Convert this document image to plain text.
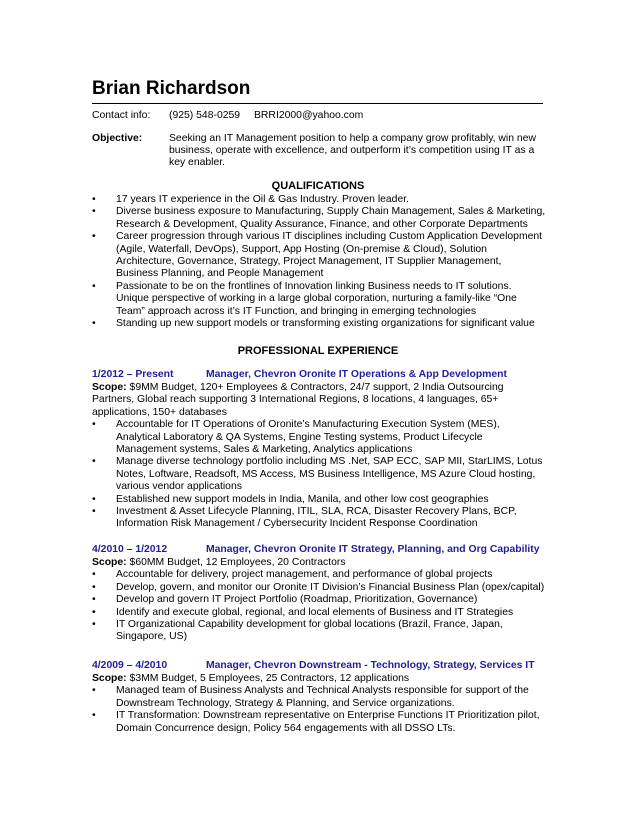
Brian Richardson
Contact info: (925) 548-0259 BRRI2000@yahoo.com
Objective:	Seeking an IT Management position to help a company grow profitably, win new business, operate with excellence, and outperform it’s competition using IT as a key enabler.
QUALIFICATIONS
• 17 years IT experience in the Oil & Gas Industry. Proven leader.
• Diverse business exposure to Manufacturing, Supply Chain Management, Sales & Marketing, Research & Development, Quality Assurance, Finance, and other Corporate Departments
• Career progression through various IT disciplines including Custom Application Development (Agile, Waterfall, DevOps), Support, App Hosting (On-premise & Cloud), Solution Architecture, Governance, Strategy, Project Management, IT Supplier Management, Business Planning, and People Management
• Passionate to be on the frontlines of Innovation linking Business needs to IT solutions. Unique perspective of working in a large global corporation, nurturing a family-like “One Team” approach across it’s IT Function, and bringing in emerging technologies
• Standing up new support models or transforming existing organizations for significant value
PROFESSIONAL EXPERIENCE
1/2012 – Present	Manager, Chevron Oronite IT Operations & App Development
Scope: $9MM Budget, 120+ Employees & Contractors, 24/7 support, 2 India Outsourcing Partners, Global reach supporting 3 International Regions, 8 locations, 4 languages, 65+ applications, 150+ databases
• Accountable for IT Operations of Oronite’s Manufacturing Execution System (MES), Analytical Laboratory & QA Systems, Engine Testing systems, Product Lifecycle Management systems, Sales & Marketing, Analytics applications
• Manage diverse technology portfolio including MS .Net, SAP ECC, SAP MII, StarLIMS, Lotus Notes, Loftware, Readsoft, MS Access, MS Business Intelligence, MS Azure Cloud hosting, various vendor applications
• Established new support models in India, Manila, and other low cost geographies
• Investment & Asset Lifecycle Planning, ITIL, SLA, RCA, Disaster Recovery Plans, BCP, Information Risk Management / Cybersecurity Incident Response Coordination
4/2010 – 1/2012	Manager, Chevron Oronite IT Strategy, Planning, and Org Capability
Scope: $60MM Budget, 12 Employees, 20 Contractors
• Accountable for delivery, project management, and performance of global projects
• Develop, govern, and monitor our Oronite IT Division’s Financial Business Plan (opex/capital)
• Develop and govern IT Project Portfolio (Roadmap, Prioritization, Governance)
• Identify and execute global, regional, and local elements of Business and IT Strategies
• IT Organizational Capability development for global locations (Brazil, France, Japan, Singapore, US)
4/2009 – 4/2010	Manager, Chevron Downstream - Technology, Strategy, Services IT
Scope: $3MM Budget, 5 Employees, 25 Contractors, 12 applications
• Managed team of Business Analysts and Technical Analysts responsible for support of the Downstream Technology, Strategy & Planning, and Service organizations.
• IT Transformation: Downstream representative on Enterprise Functions IT Prioritization pilot, Domain Concurrence design, Policy 564 engagements with all DSSO LTs.
